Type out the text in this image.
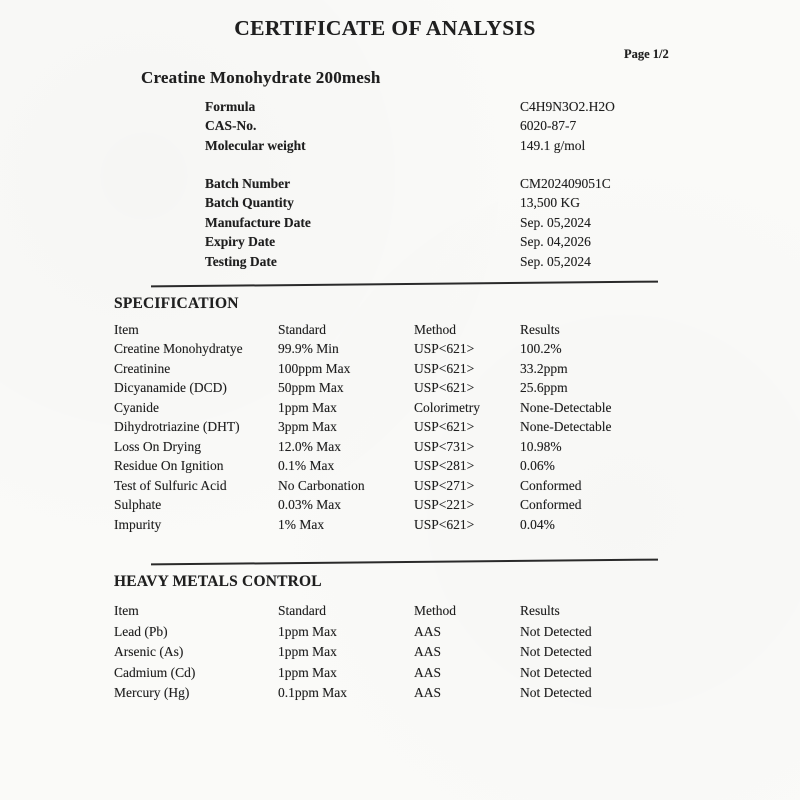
CERTIFICATE OF ANALYSIS
Page 1/2
Creatine Monohydrate 200mesh
Formula	C4H9N3O2.H2O
CAS-No.	6020-87-7
Molecular weight	149.1 g/mol
Batch Number	CM202409051C
Batch Quantity	13,500 KG
Manufacture Date	Sep. 05,2024
Expiry Date	Sep. 04,2026
Testing Date	Sep. 05,2024
SPECIFICATION
Item	Standard	Method	Results
Creatine Monohydratye	99.9% Min	USP<621>	100.2%
Creatinine	100ppm Max	USP<621>	33.2ppm
Dicyanamide (DCD)	50ppm Max	USP<621>	25.6ppm
Cyanide	1ppm Max	Colorimetry	None-Detectable
Dihydrotriazine (DHT)	3ppm Max	USP<621>	None-Detectable
Loss On Drying	12.0% Max	USP<731>	10.98%
Residue On Ignition	0.1% Max	USP<281>	0.06%
Test of Sulfuric Acid	No Carbonation	USP<271>	Conformed
Sulphate	0.03% Max	USP<221>	Conformed
Impurity	1% Max	USP<621>	0.04%
HEAVY METALS CONTROL
Item	Standard	Method	Results
Lead (Pb)	1ppm Max	AAS	Not Detected
Arsenic (As)	1ppm Max	AAS	Not Detected
Cadmium (Cd)	1ppm Max	AAS	Not Detected
Mercury (Hg)	0.1ppm Max	AAS	Not Detected
